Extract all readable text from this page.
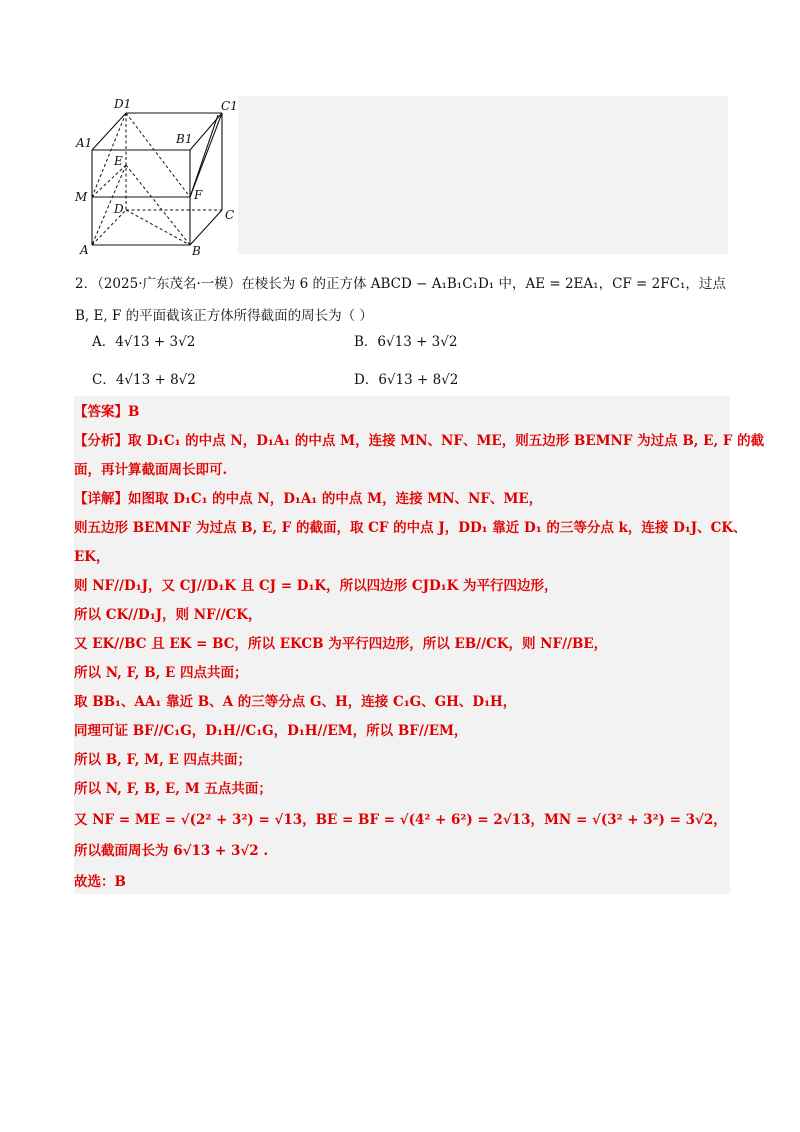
D1	C1
A1	B1
E
M
D
F
C
A	B
2．（2025·广东茂名·一模）在棱长为 6 的正方体 ABCD − A₁B₁C₁D₁ 中，AE = 2EA₁，CF = 2FC₁，过点
B, E, F 的平面截该正方体所得截面的周长为（ ）
A．4√13 + 3√2	B．6√13 + 3√2
C．4√13 + 8√2	D．6√13 + 8√2
【答案】B
【分析】取 D₁C₁ 的中点 N，D₁A₁ 的中点 M，连接 MN、NF、ME，则五边形 BEMNF 为过点 B, E, F 的截
面，再计算截面周长即可.
【详解】如图取 D₁C₁ 的中点 N，D₁A₁ 的中点 M，连接 MN、NF、ME，
则五边形 BEMNF 为过点 B, E, F 的截面，取 CF 的中点 J，DD₁ 靠近 D₁ 的三等分点 k，连接 D₁J、CK、
EK，
则 NF//D₁J，又 CJ//D₁K 且 CJ = D₁K，所以四边形 CJD₁K 为平行四边形，
所以 CK//D₁J，则 NF//CK，
又 EK//BC 且 EK = BC，所以 EKCB 为平行四边形，所以 EB//CK，则 NF//BE，
所以 N, F, B, E 四点共面；
取 BB₁、AA₁ 靠近 B、A 的三等分点 G、H，连接 C₁G、GH、D₁H，
同理可证 BF//C₁G，D₁H//C₁G，D₁H//EM，所以 BF//EM，
所以 B, F, M, E 四点共面；
所以 N, F, B, E, M 五点共面；
又 NF = ME = √(2² + 3²) = √13，BE = BF = √(4² + 6²) = 2√13，MN = √(3² + 3²) = 3√2，
所以截面周长为 6√13 + 3√2 .
故选：B
